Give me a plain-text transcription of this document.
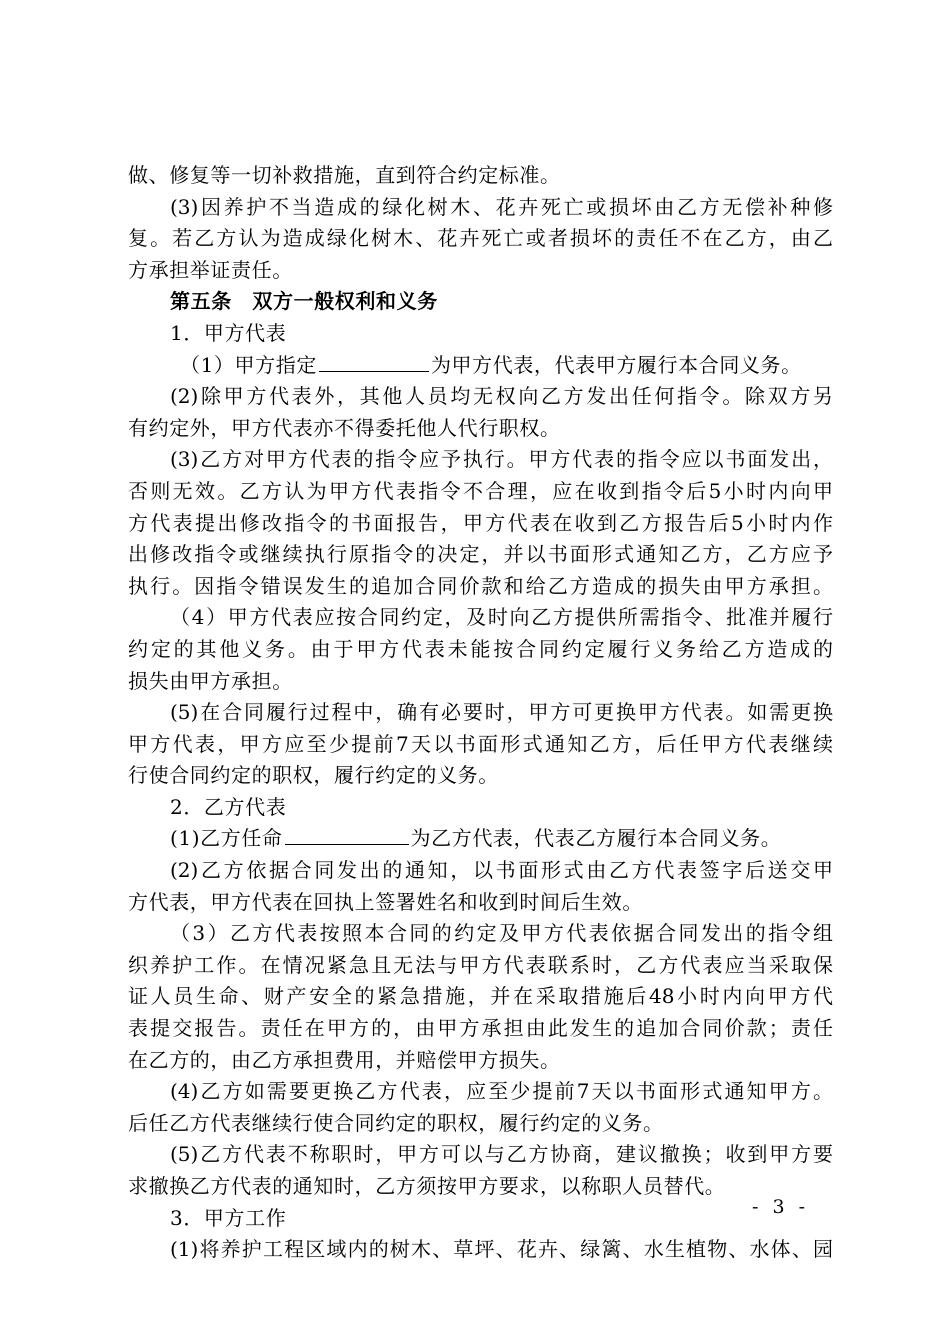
做、修复等一切补救措施，直到符合约定标准。
(3)因养护不当造成的绿化树木、花卉死亡或损坏由乙方无偿补种修
复。若乙方认为造成绿化树木、花卉死亡或者损坏的责任不在乙方，由乙
方承担举证责任。
第五条　双方一般权利和义务
1．甲方代表
（1）甲方指定	为甲方代表，代表甲方履行本合同义务。
(2)除甲方代表外，其他人员均无权向乙方发出任何指令。除双方另
有约定外，甲方代表亦不得委托他人代行职权。
(3)乙方对甲方代表的指令应予执行。甲方代表的指令应以书面发出，
否则无效。乙方认为甲方代表指令不合理，应在收到指令后5小时内向甲
方代表提出修改指令的书面报告，甲方代表在收到乙方报告后5小时内作
出修改指令或继续执行原指令的决定，并以书面形式通知乙方，乙方应予
执行。因指令错误发生的追加合同价款和给乙方造成的损失由甲方承担。
（4）甲方代表应按合同约定，及时向乙方提供所需指令、批准并履行
约定的其他义务。由于甲方代表未能按合同约定履行义务给乙方造成的
损失由甲方承担。
(5)在合同履行过程中，确有必要时，甲方可更换甲方代表。如需更换
甲方代表，甲方应至少提前7天以书面形式通知乙方，后任甲方代表继续
行使合同约定的职权，履行约定的义务。
2．乙方代表
(1)乙方任命	为乙方代表，代表乙方履行本合同义务。
(2)乙方依据合同发出的通知，以书面形式由乙方代表签字后送交甲
方代表，甲方代表在回执上签署姓名和收到时间后生效。
（3）乙方代表按照本合同的约定及甲方代表依据合同发出的指令组
织养护工作。在情况紧急且无法与甲方代表联系时，乙方代表应当采取保
证人员生命、财产安全的紧急措施，并在采取措施后48小时内向甲方代
表提交报告。责任在甲方的，由甲方承担由此发生的追加合同价款；责任
在乙方的，由乙方承担费用，并赔偿甲方损失。
(4)乙方如需要更换乙方代表，应至少提前7天以书面形式通知甲方。
后任乙方代表继续行使合同约定的职权，履行约定的义务。
(5)乙方代表不称职时，甲方可以与乙方协商，建议撤换；收到甲方要
求撤换乙方代表的通知时，乙方须按甲方要求，以称职人员替代。
3．甲方工作
(1)将养护工程区域内的树木、草坪、花卉、绿篱、水生植物、水体、园
- 3 -
